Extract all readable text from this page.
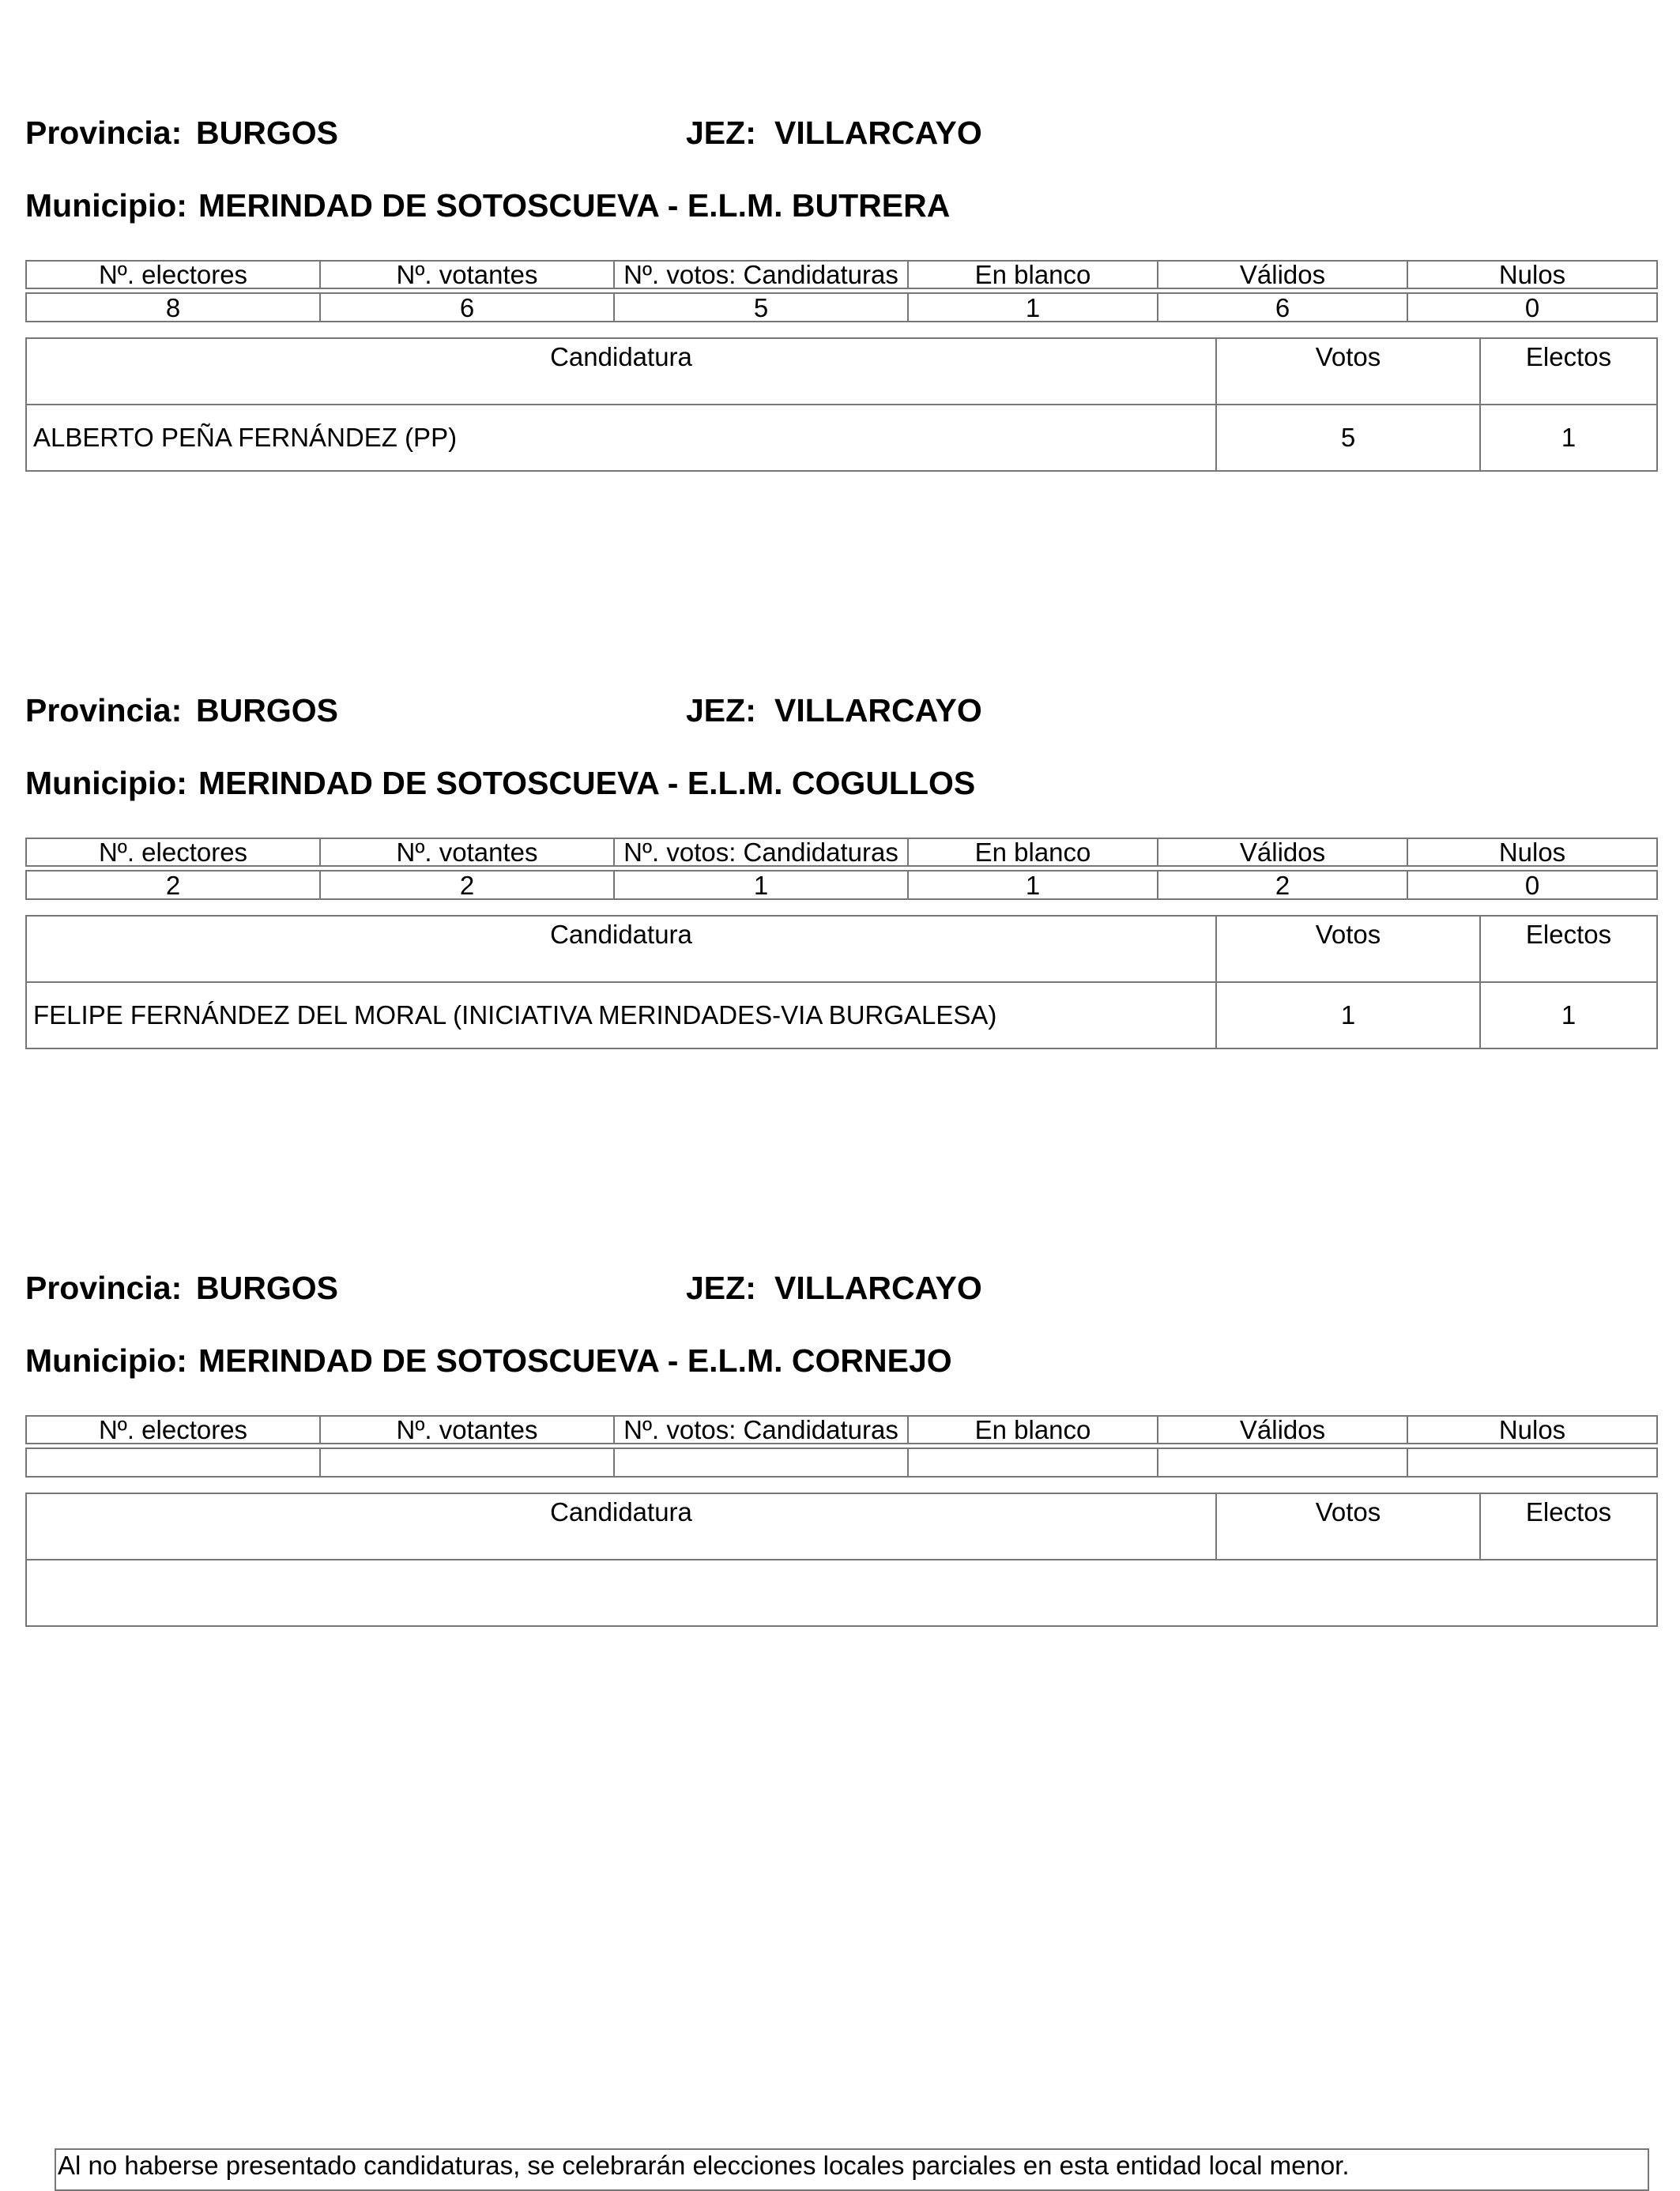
Provincia: BURGOS	JEZ: VILLARCAYO
Municipio: MERINDAD DE SOTOSCUEVA - E.L.M. BUTRERA
Nº. electores	Nº. votantes	Nº. votos: Candidaturas	En blanco	Válidos	Nulos

8	6	5	1	6	0
Candidatura	Votos	Electos
ALBERTO PEÑA FERNÁNDEZ (PP)	5	1
Provincia: BURGOS	JEZ: VILLARCAYO
Municipio: MERINDAD DE SOTOSCUEVA - E.L.M. COGULLOS
Nº. electores	Nº. votantes	Nº. votos: Candidaturas	En blanco	Válidos	Nulos

2	2	1	1	2	0
Candidatura	Votos	Electos
FELIPE FERNÁNDEZ DEL MORAL (INICIATIVA MERINDADES-VIA BURGALESA)	1	1
Provincia: BURGOS	JEZ: VILLARCAYO
Municipio: MERINDAD DE SOTOSCUEVA - E.L.M. CORNEJO
Nº. electores	Nº. votantes	Nº. votos: Candidaturas	En blanco	Válidos	Nulos

Candidatura	Votos	Electos

Al no haberse presentado candidaturas, se celebrarán elecciones locales parciales en esta entidad local menor.
